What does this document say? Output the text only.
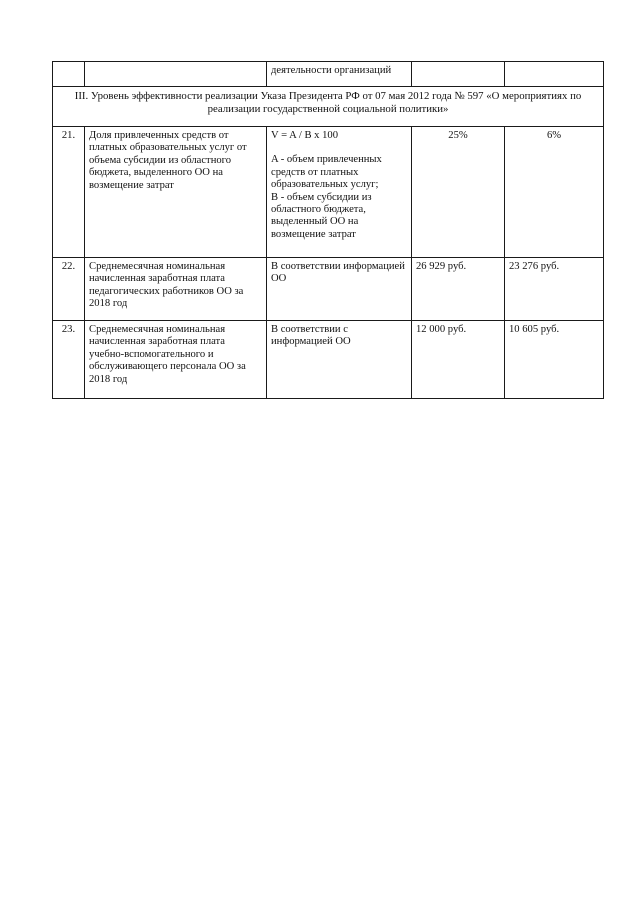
		деятельности организаций		
III. Уровень эффективности реализации Указа Президента РФ от 07 мая 2012 года № 597 «О мероприятиях по реализации государственной социальной политики»				
21.	Доля привлеченных средств от платных образовательных услуг от объема субсидии из областного бюджета, выделенного ОО на возмещение затрат	V = A / B x 100
A - объем привлеченных средств от платных образовательных услуг;
B - объем субсидии из областного бюджета, выделенный ОО на возмещение затрат	25%	6%
22.	Среднемесячная номинальная начисленная заработная плата педагогических работников ОО за 2018 год	В соответствии информацией ОО	26 929 руб.	23 276 руб.
23.	Среднемесячная номинальная начисленная заработная плата учебно-вспомогательного и обслуживающего персонала ОО за 2018 год	В соответствии с информацией ОО	12 000 руб.	10 605 руб.
